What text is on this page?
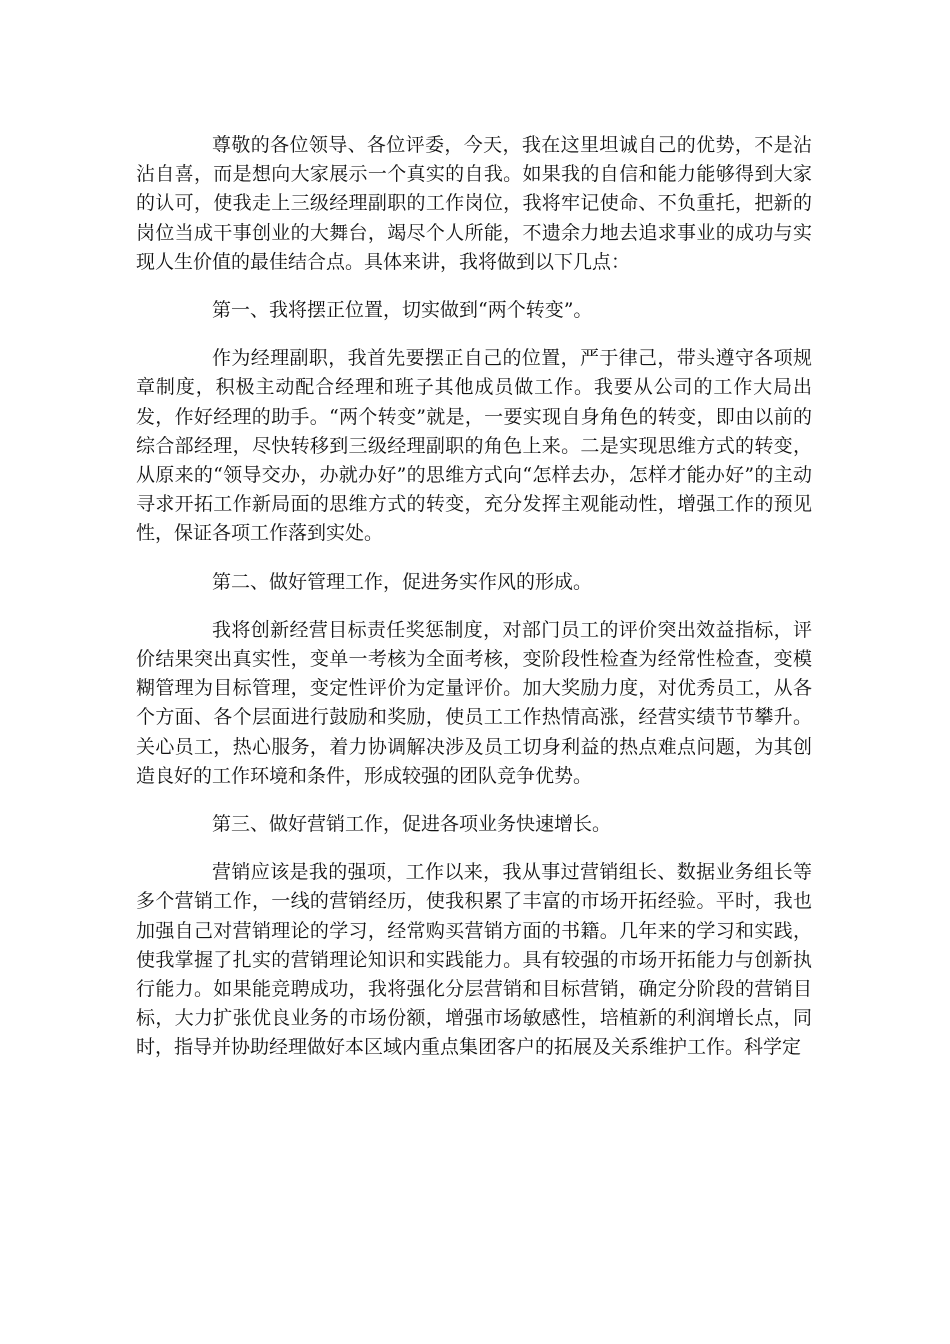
尊敬的各位领导、各位评委，今天，我在这里坦诚自己的优势，不是沾沾自喜，而是想向大家展示一个真实的自我。如果我的自信和能力能够得到大家的认可，使我走上三级经理副职的工作岗位，我将牢记使命、不负重托，把新的岗位当成干事创业的大舞台，竭尽个人所能，不遗余力地去追求事业的成功与实现人生价值的最佳结合点。具体来讲，我将做到以下几点：

第一、我将摆正位置，切实做到“两个转变”。

作为经理副职，我首先要摆正自己的位置，严于律己，带头遵守各项规章制度，积极主动配合经理和班子其他成员做工作。我要从公司的工作大局出发，作好经理的助手。“两个转变”就是，一要实现自身角色的转变，即由以前的综合部经理，尽快转移到三级经理副职的角色上来。二是实现思维方式的转变，从原来的“领导交办，办就办好”的思维方式向“怎样去办，怎样才能办好”的主动寻求开拓工作新局面的思维方式的转变，充分发挥主观能动性，增强工作的预见性，保证各项工作落到实处。

第二、做好管理工作，促进务实作风的形成。

我将创新经营目标责任奖惩制度，对部门员工的评价突出效益指标，评价结果突出真实性，变单一考核为全面考核，变阶段性检查为经常性检查，变模糊管理为目标管理，变定性评价为定量评价。加大奖励力度，对优秀员工，从各个方面、各个层面进行鼓励和奖励，使员工工作热情高涨，经营实绩节节攀升。关心员工，热心服务，着力协调解决涉及员工切身利益的热点难点问题，为其创造良好的工作环境和条件，形成较强的团队竞争优势。

第三、做好营销工作，促进各项业务快速增长。

营销应该是我的强项，工作以来，我从事过营销组长、数据业务组长等多个营销工作，一线的营销经历，使我积累了丰富的市场开拓经验。平时，我也加强自己对营销理论的学习，经常购买营销方面的书籍。几年来的学习和实践，使我掌握了扎实的营销理论知识和实践能力。具有较强的市场开拓能力与创新执行能力。如果能竞聘成功，我将强化分层营销和目标营销，确定分阶段的营销目标，大力扩张优良业务的市场份额，增强市场敏感性，培植新的利润增长点，同时，指导并协助经理做好本区域内重点集团客户的拓展及关系维护工作。科学定
